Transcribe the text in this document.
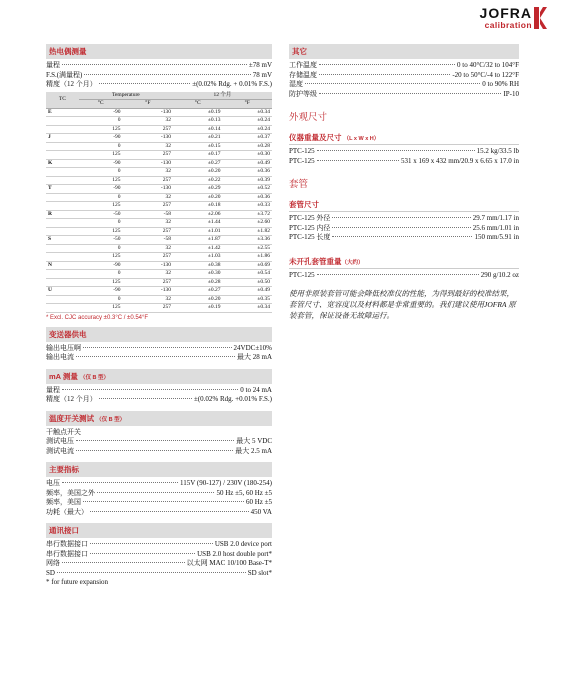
JOFRA
calibration
热电偶测量
量程	±78 mV
F.S.(满量程)	78 mV
精度（12 个月）	±(0.02% Rdg. + 0.01% F.S.)
TC	Temperature		12 个月	
	°C	°F	°C	°F
E	-90	-130	±0.19	±0.34
	0	32	±0.13	±0.24
	125	257	±0.14	±0.24
J	-90	-130	±0.21	±0.37
	0	32	±0.15	±0.28
	125	257	±0.17	±0.30
K	-90	-130	±0.27	±0.49
	0	32	±0.20	±0.36
	125	257	±0.22	±0.39
T	-90	-130	±0.29	±0.52
	0	32	±0.20	±0.36
	125	257	±0.18	±0.33
R	-50	-58	±2.06	±3.72
	0	32	±1.44	±2.60
	125	257	±1.01	±1.82
S	-50	-58	±1.87	±3.36
	0	32	±1.42	±2.55
	125	257	±1.03	±1.86
N	-90	-130	±0.38	±0.69
	0	32	±0.30	±0.54
	125	257	±0.28	±0.50
U	-90	-130	±0.27	±0.49
	0	32	±0.20	±0.35
	125	257	±0.19	±0.34
* Excl. CJC accuracy ±0.3°C / ±0.54°F
变送器供电
输出电压啊	24VDC±10%
输出电流	最大 28 mA
mA 测量 （仅 B 型）
量程	0 to 24 mA
精度（12 个月）	±(0.02% Rdg. +0.01% F.S.)
温度开关测试 （仅 B 型）
干触点开关
测试电压	最大 5 VDC
测试电流	最大 2.5 mA
主要指标
电压	115V (90-127) / 230V (180-254)
频率，美国之外	50 Hz ±5, 60 Hz ±5
频率，美国	60 Hz ±5
功耗（最大）	450 VA
通讯接口
串行数据接口	USB 2.0 device port
串行数据接口	USB 2.0 host double port*
网络	以太网 MAC 10/100 Base-T*
SD	SD slot*
* for future expansion
其它
工作温度	0 to 40°C/32 to 104°F
存储温度	-20 to 50°C/-4 to 122°F
湿度	0 to 90% RH
防护等级	IP-10
外观尺寸
仪器重量及尺寸 （L x W x H）
PTC-125	15.2 kg/33.5 lb
PTC-125	531 x 169 x 432 mm/20.9 x 6.65 x 17.0 in
套管
套管尺寸
PTC-125 外径	29.7 mm/1.17 in
PTC-125 内径	25.6 mm/1.01 in
PTC-125 长度	150 mm/5.91 in
未开孔套管重量（大约）
PTC-125	290 g/10.2 oz
使用非原装套管可能会降低校准仪的性能，为得到最好的校准结果，套管尺寸、宽容度以及材料都是非常重要的。我们建议使用JOFRA 原装套管，保证设备无故障运行。
